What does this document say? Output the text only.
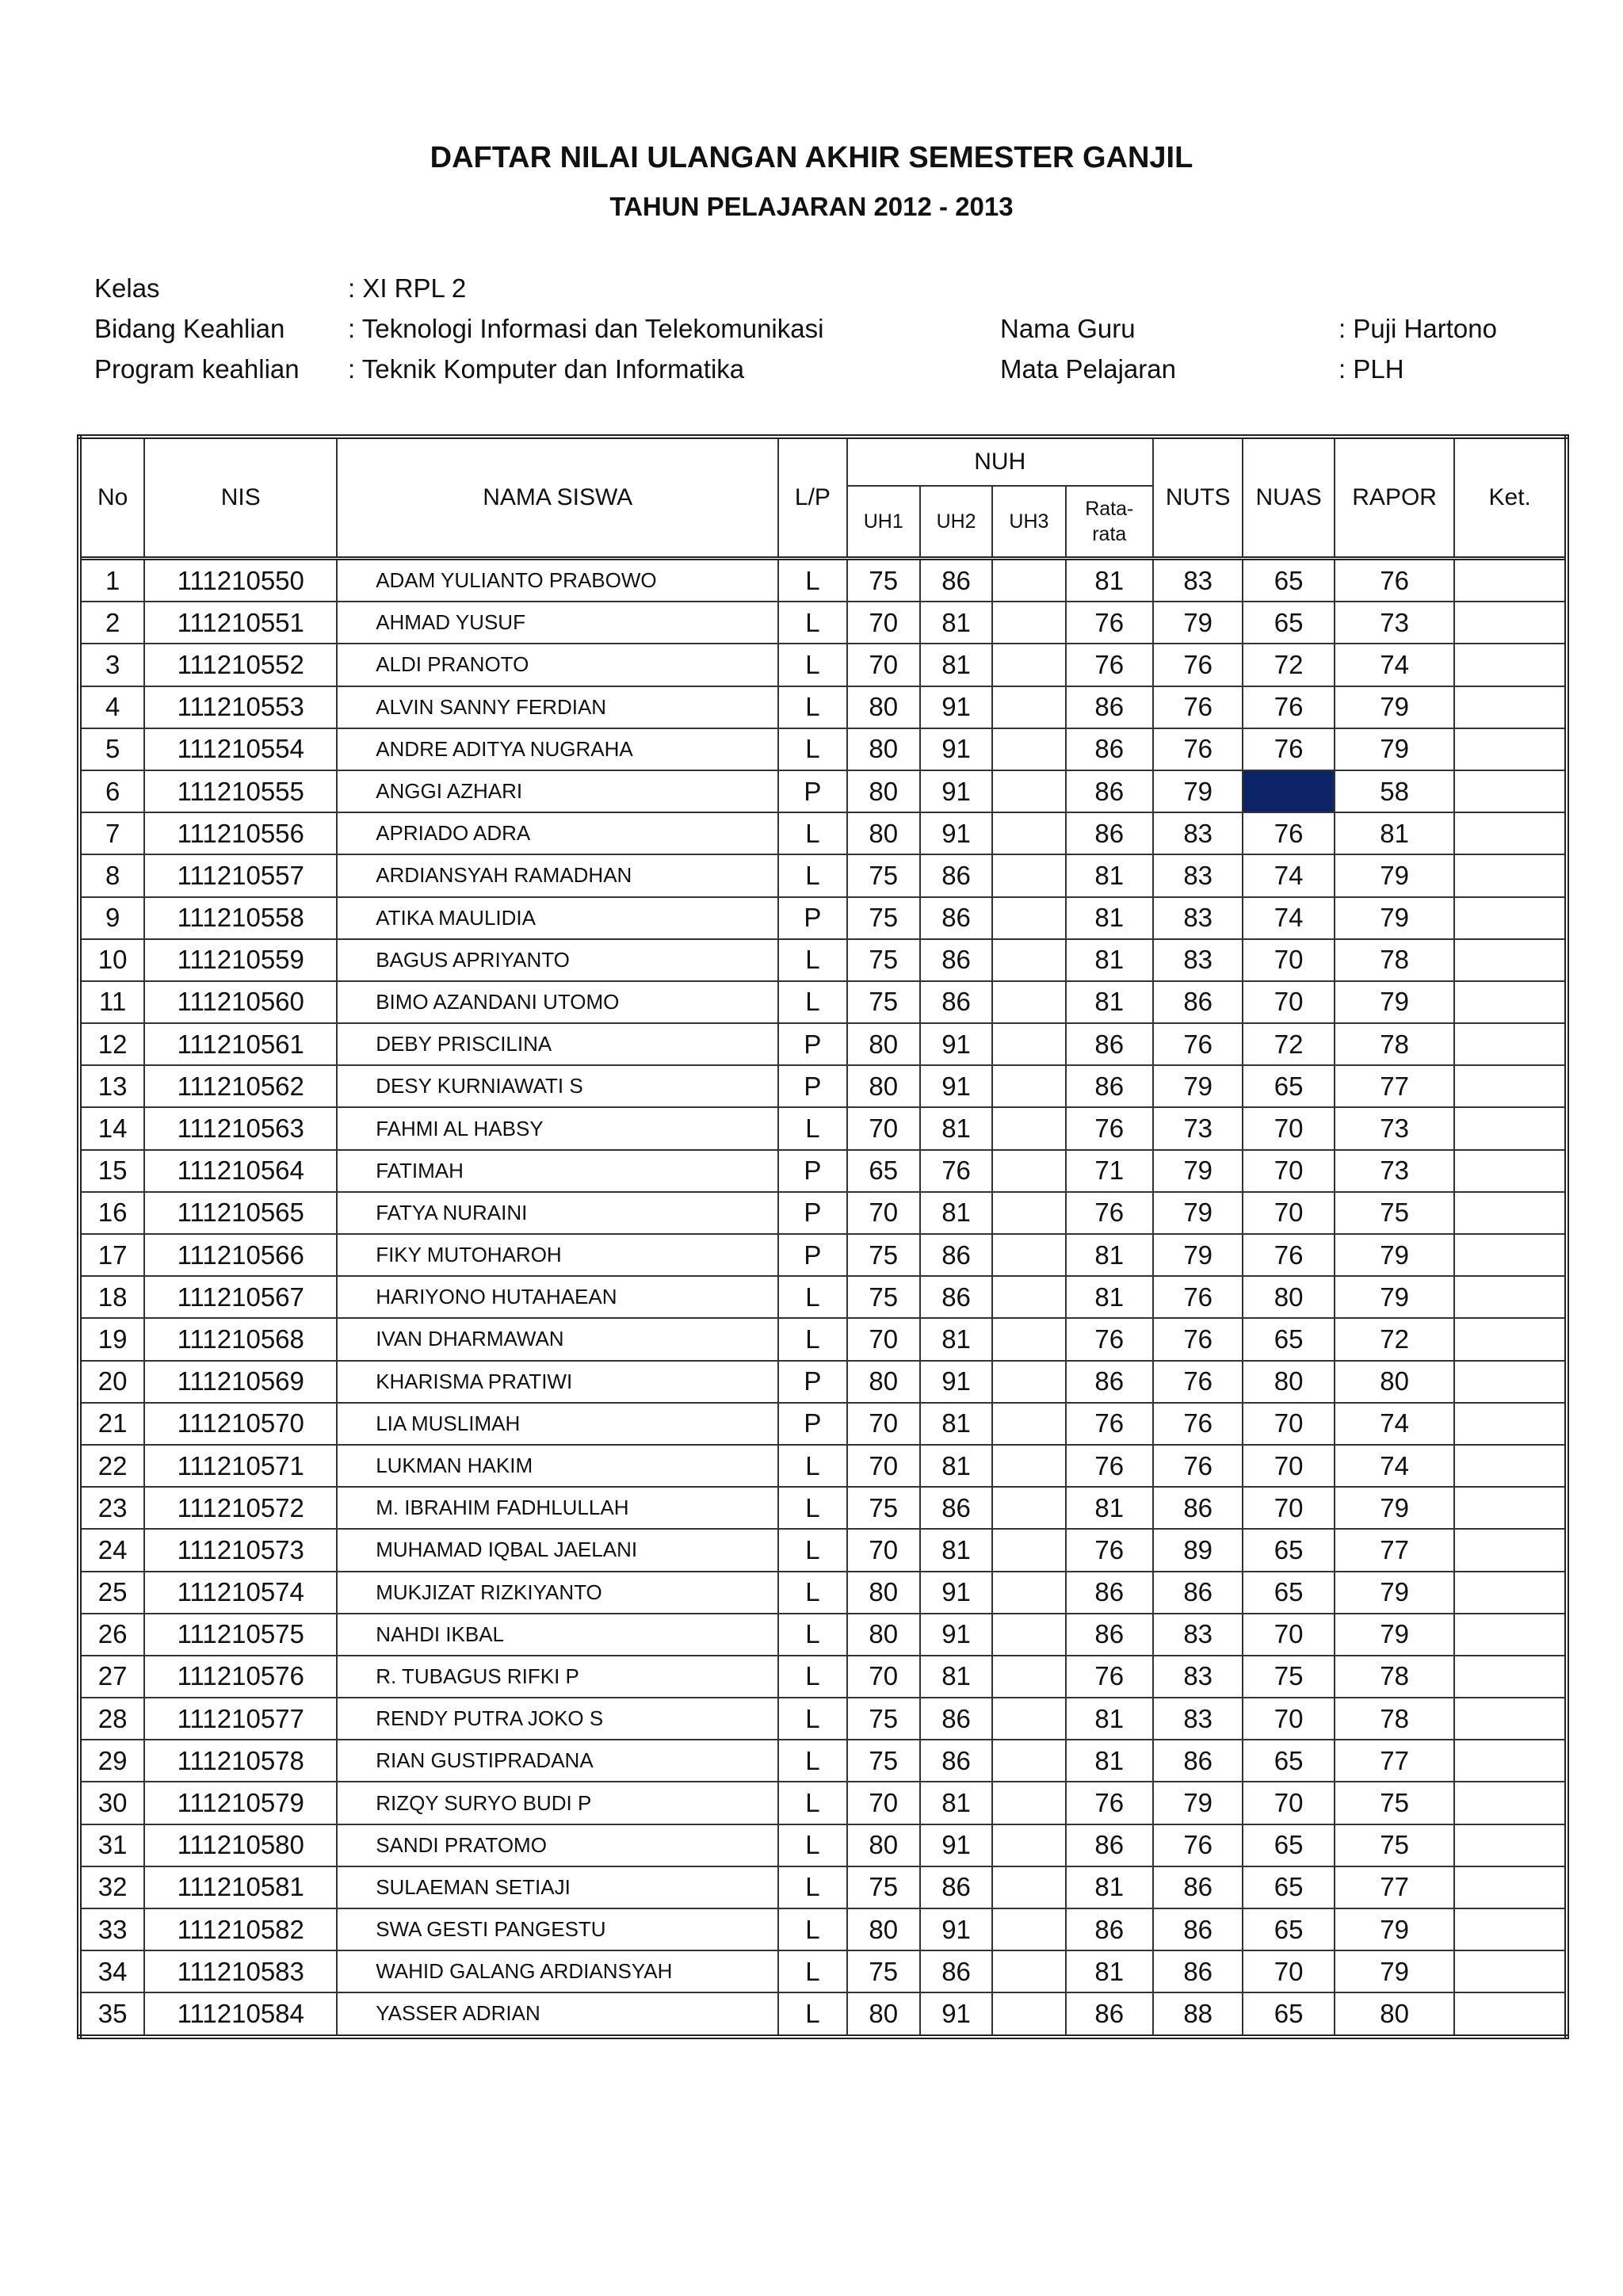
DAFTAR NILAI ULANGAN AKHIR SEMESTER GANJIL
TAHUN PELAJARAN 2012 - 2013
Kelas	: XI RPL 2
Bidang Keahlian : Teknologi Informasi dan Telekomunikasi
Program keahlian : Teknik Komputer dan Informatika
Nama Guru	: Puji Hartono
Mata Pelajaran	: PLH
No	NIS	NAMA SISWA	L/P	NUH				NUTS	NUAS	RAPOR	Ket.
				UH1	UH2	UH3	Rata-rata				
1	111210550	ADAM YULIANTO PRABOWO	L	75	86		81	83	65	76	
2	111210551	AHMAD YUSUF	L	70	81		76	79	65	73	
3	111210552	ALDI PRANOTO	L	70	81		76	76	72	74	
4	111210553	ALVIN SANNY FERDIAN	L	80	91		86	76	76	79	
5	111210554	ANDRE ADITYA NUGRAHA	L	80	91		86	76	76	79	
6	111210555	ANGGI AZHARI	P	80	91		86	79	10	58	
7	111210556	APRIADO ADRA	L	80	91		86	83	76	81	
8	111210557	ARDIANSYAH RAMADHAN	L	75	86		81	83	74	79	
9	111210558	ATIKA MAULIDIA	P	75	86		81	83	74	79	
10	111210559	BAGUS APRIYANTO	L	75	86		81	83	70	78	
11	111210560	BIMO AZANDANI UTOMO	L	75	86		81	86	70	79	
12	111210561	DEBY PRISCILINA	P	80	91		86	76	72	78	
13	111210562	DESY KURNIAWATI S	P	80	91		86	79	65	77	
14	111210563	FAHMI AL HABSY	L	70	81		76	73	70	73	
15	111210564	FATIMAH	P	65	76		71	79	70	73	
16	111210565	FATYA NURAINI	P	70	81		76	79	70	75	
17	111210566	FIKY MUTOHAROH	P	75	86		81	79	76	79	
18	111210567	HARIYONO HUTAHAEAN	L	75	86		81	76	80	79	
19	111210568	IVAN DHARMAWAN	L	70	81		76	76	65	72	
20	111210569	KHARISMA PRATIWI	P	80	91		86	76	80	80	
21	111210570	LIA MUSLIMAH	P	70	81		76	76	70	74	
22	111210571	LUKMAN HAKIM	L	70	81		76	76	70	74	
23	111210572	M. IBRAHIM FADHLULLAH	L	75	86		81	86	70	79	
24	111210573	MUHAMAD IQBAL JAELANI	L	70	81		76	89	65	77	
25	111210574	MUKJIZAT RIZKIYANTO	L	80	91		86	86	65	79	
26	111210575	NAHDI IKBAL	L	80	91		86	83	70	79	
27	111210576	R. TUBAGUS RIFKI P	L	70	81		76	83	75	78	
28	111210577	RENDY PUTRA JOKO S	L	75	86		81	83	70	78	
29	111210578	RIAN GUSTIPRADANA	L	75	86		81	86	65	77	
30	111210579	RIZQY SURYO BUDI P	L	70	81		76	79	70	75	
31	111210580	SANDI PRATOMO	L	80	91		86	76	65	75	
32	111210581	SULAEMAN SETIAJI	L	75	86		81	86	65	77	
33	111210582	SWA GESTI PANGESTU	L	80	91		86	86	65	79	
34	111210583	WAHID GALANG ARDIANSYAH	L	75	86		81	86	70	79	
35	111210584	YASSER ADRIAN	L	80	91		86	88	65	80	
